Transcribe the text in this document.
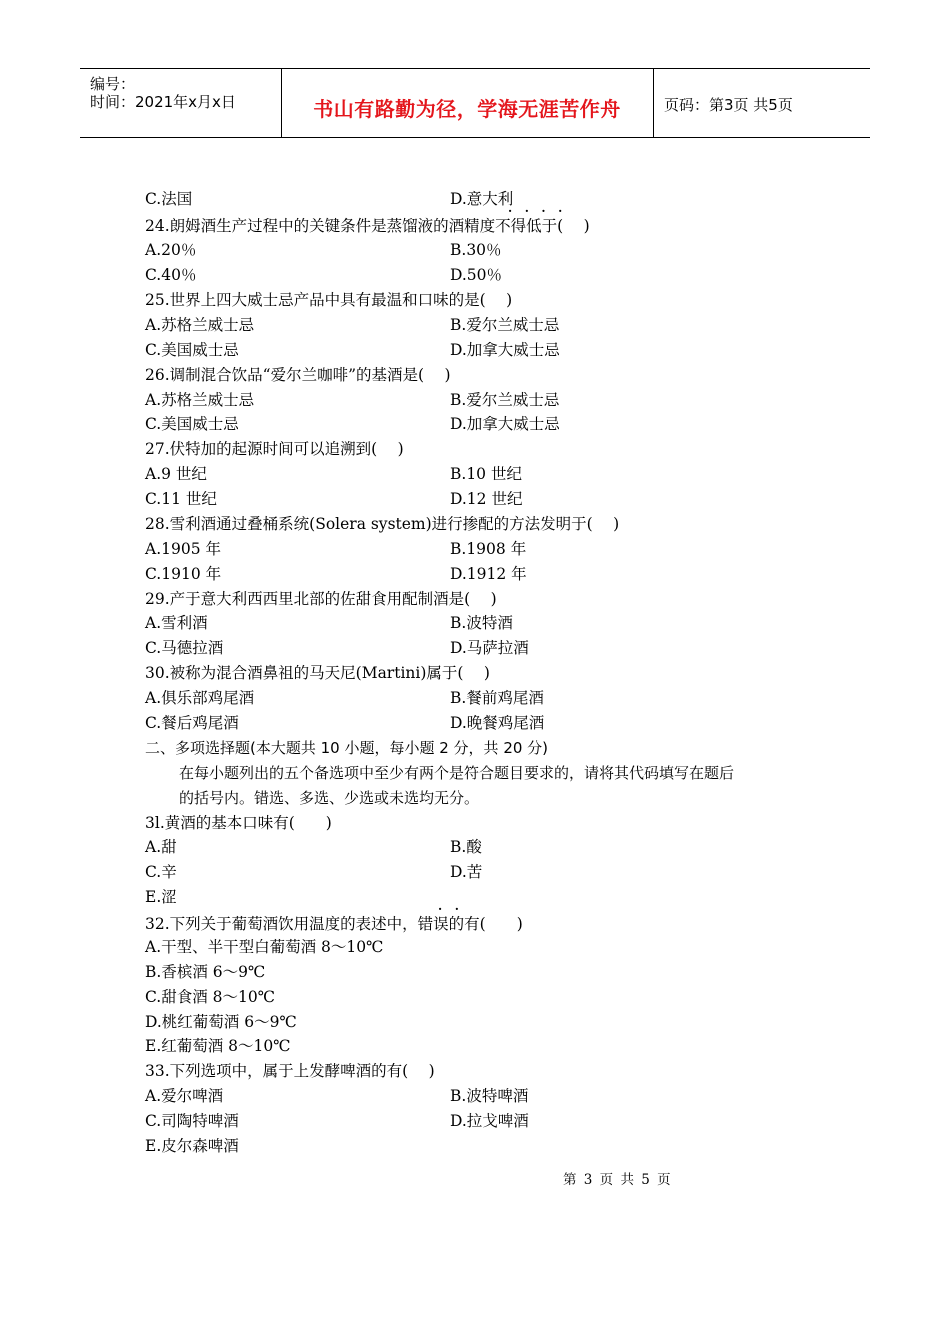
编号：
时间：2021年x月x日	书山有路勤为径，学海无涯苦作舟	页码：第3页 共5页
C.法国	D.意大利
·   ·   ·   ·
24.朗姆酒生产过程中的关键条件是蒸馏液的酒精度不得低于(　 )
A.20％	B.30％
C.40％	D.50％
25.世界上四大威士忌产品中具有最温和口味的是(　 )
A.苏格兰威士忌	B.爱尔兰威士忌
C.美国威士忌	D.加拿大威士忌
26.调制混合饮品“爱尔兰咖啡”的基酒是(　 )
A.苏格兰威士忌	B.爱尔兰威士忌
C.美国威士忌	D.加拿大威士忌
27.伏特加的起源时间可以追溯到(　 )
A.9 世纪	B.10 世纪
C.11 世纪	D.12 世纪
28.雪利酒通过叠桶系统(Solera system)进行掺配的方法发明于(　 )
A.1905 年	B.1908 年
C.1910 年	D.1912 年
29.产于意大利西西里北部的佐甜食用配制酒是(　 )
A.雪利酒	B.波特酒
C.马德拉酒	D.马萨拉酒
30.被称为混合酒鼻祖的马天尼(Martini)属于(　 )
A.俱乐部鸡尾酒	B.餐前鸡尾酒
C.餐后鸡尾酒	D.晚餐鸡尾酒
二、多项选择题(本大题共 10 小题，每小题 2 分，共 20 分)
在每小题列出的五个备选项中至少有两个是符合题目要求的，请将其代码填写在题后
的括号内。错选、多选、少选或未选均无分。
3l.黄酒的基本口味有(　　)
A.甜	B.酸
C.辛	D.苦
E.涩
·   ·
32.下列关于葡萄酒饮用温度的表述中，错误的有(　　)
A.干型、半干型白葡萄酒 8～10℃
B.香槟酒 6～9℃
C.甜食酒 8～10℃
D.桃红葡萄酒 6～9℃
E.红葡萄酒 8～10℃
33.下列选项中，属于上发酵啤酒的有(　 )
A.爱尔啤酒	B.波特啤酒
C.司陶特啤酒	D.拉戈啤酒
E.皮尔森啤酒
第 3 页 共 5 页
